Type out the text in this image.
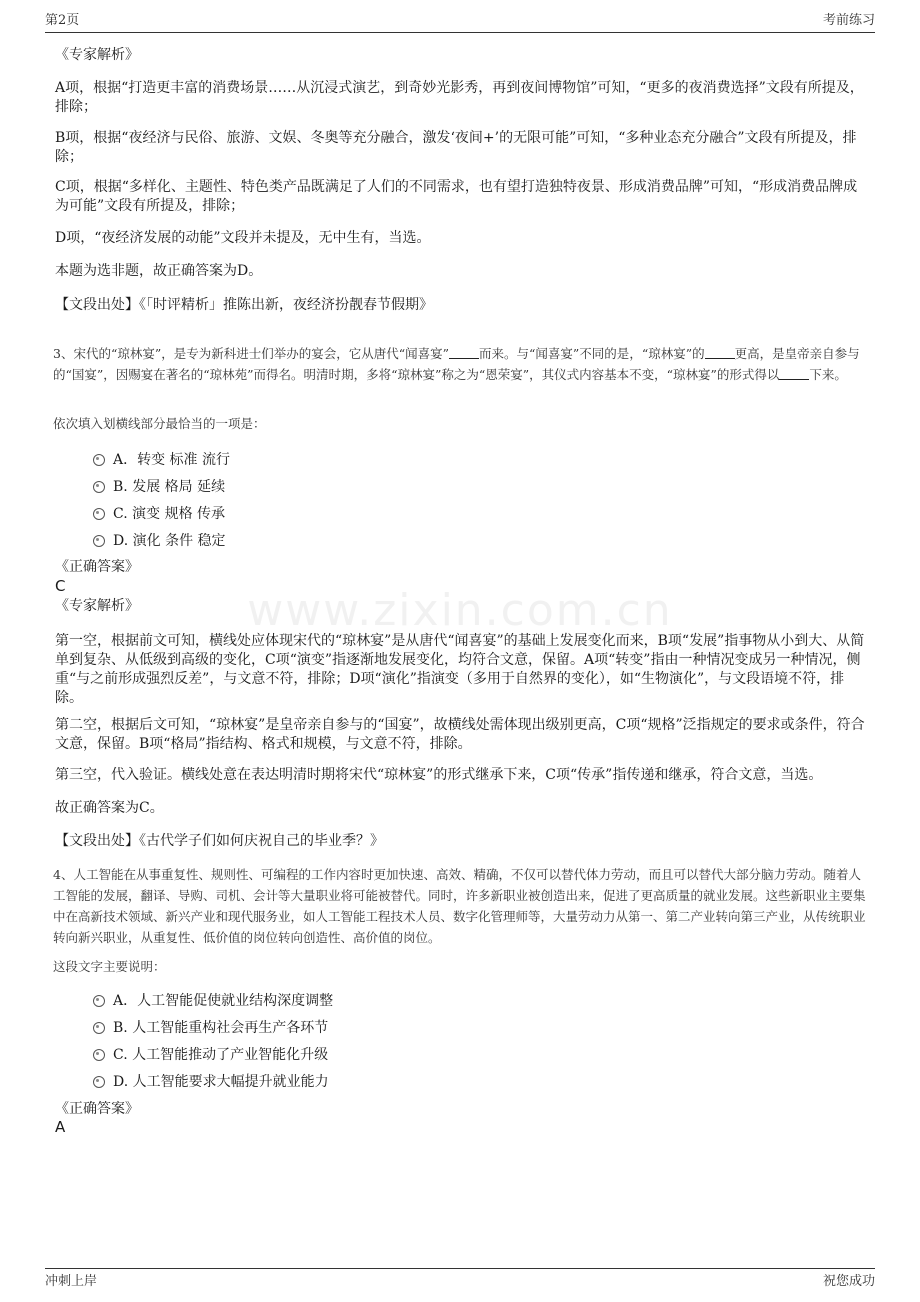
第2页	考前练习
www.zixin.com.cn

《专家解析》

A项，根据“打造更丰富的消费场景……从沉浸式演艺，到奇妙光影秀，再到夜间博物馆”可知，“更多的夜消费选择”文段有所提及，排除；

B项，根据“夜经济与民俗、旅游、文娱、冬奥等充分融合，激发‘夜间+’的无限可能”可知，“多种业态充分融合”文段有所提及，排除；

C项，根据“多样化、主题性、特色类产品既满足了人们的不同需求，也有望打造独特夜景、形成消费品牌”可知，“形成消费品牌成为可能”文段有所提及，排除；

D项，“夜经济发展的动能”文段并未提及，无中生有，当选。

本题为选非题，故正确答案为D。

【文段出处】《「时评精析」推陈出新，夜经济扮靓春节假期》

3、宋代的“琼林宴”，是专为新科进士们举办的宴会，它从唐代“闻喜宴” 而来。与“闻喜宴”不同的是，“琼林宴”的 更高，是皇帝亲自参与的“国宴”，因赐宴在著名的“琼林苑”而得名。明清时期，多将“琼林宴”称之为“恩荣宴”，其仪式内容基本不变，“琼林宴”的形式得以 下来。

依次填入划横线部分最恰当的一项是：

A．转变 标准 流行
B. 发展 格局 延续
C. 演变 规格 传承
D. 演化 条件 稳定

《正确答案》

C

《专家解析》

第一空，根据前文可知，横线处应体现宋代的“琼林宴”是从唐代“闻喜宴”的基础上发展变化而来，B项“发展”指事物从小到大、从简单到复杂、从低级到高级的变化，C项“演变”指逐渐地发展变化，均符合文意，保留。A项“转变”指由一种情况变成另一种情况，侧重“与之前形成强烈反差”，与文意不符，排除；D项“演化”指演变（多用于自然界的变化），如“生物演化”，与文段语境不符，排除。

第二空，根据后文可知，“琼林宴”是皇帝亲自参与的“国宴”，故横线处需体现出级别更高，C项“规格”泛指规定的要求或条件，符合文意，保留。B项“格局”指结构、格式和规模，与文意不符，排除。

第三空，代入验证。横线处意在表达明清时期将宋代“琼林宴”的形式继承下来，C项“传承”指传递和继承，符合文意，当选。

故正确答案为C。

【文段出处】《古代学子们如何庆祝自己的毕业季？》

4、人工智能在从事重复性、规则性、可编程的工作内容时更加快速、高效、精确，不仅可以替代体力劳动，而且可以替代大部分脑力劳动。随着人工智能的发展，翻译、导购、司机、会计等大量职业将可能被替代。同时，许多新职业被创造出来，促进了更高质量的就业发展。这些新职业主要集中在高新技术领域、新兴产业和现代服务业，如人工智能工程技术人员、数字化管理师等，大量劳动力从第一、第二产业转向第三产业，从传统职业转向新兴职业，从重复性、低价值的岗位转向创造性、高价值的岗位。

这段文字主要说明：

A．人工智能促使就业结构深度调整
B. 人工智能重构社会再生产各环节
C. 人工智能推动了产业智能化升级
D. 人工智能要求大幅提升就业能力

《正确答案》

A
冲刺上岸	祝您成功
